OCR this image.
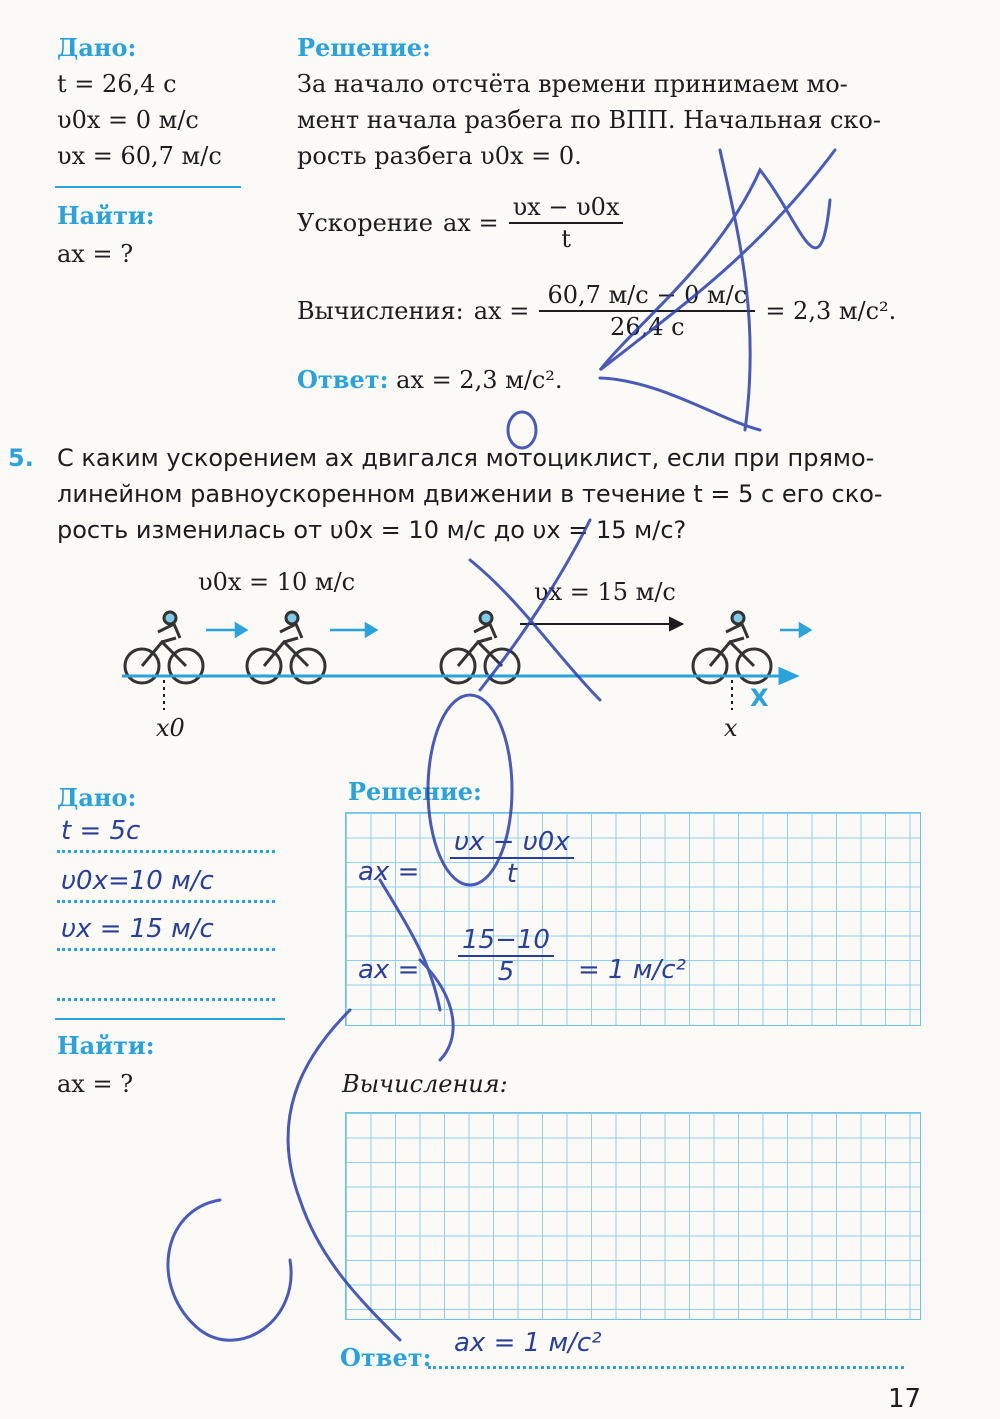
Дано:
t = 26,4 с
υ0x = 0 м/с
υx = 60,7 м/с
Найти:
ax = ?
Решение:
За начало отсчёта времени принимаем мо-
мент начала разбега по ВПП. Начальная ско-
рость разбега υ0x = 0.
Ускорение ax = $\frac{\upsilon x - \upsilon 0x}{t}$
Вычисления: ax = $\frac{60,7 м/с - 0 м/с}{26,4 с} = 2,3$ м/с².
Ответ: ax = 2,3 м/с².
5. С каким ускорением ax двигался мотоциклист, если при прямо-
линейном равноускоренном движении в течение t = 5 с его ско-
рость изменилась от υ0x = 10 м/с до υx = 15 м/с?
υ0x = 10 м/с	υx = 15 м/с
X
x0	x
Дано:
t = 5с
υ0x=10 м/с
υx = 15 м/с
Найти:
ax = ?
Решение:
ax = $\frac{\upsilon x - \upsilon 0x}{t}$
ax = $\frac{15-10}{5} = 1$ м/с²
Вычисления:
Ответ: ax = 1 м/с²
17
